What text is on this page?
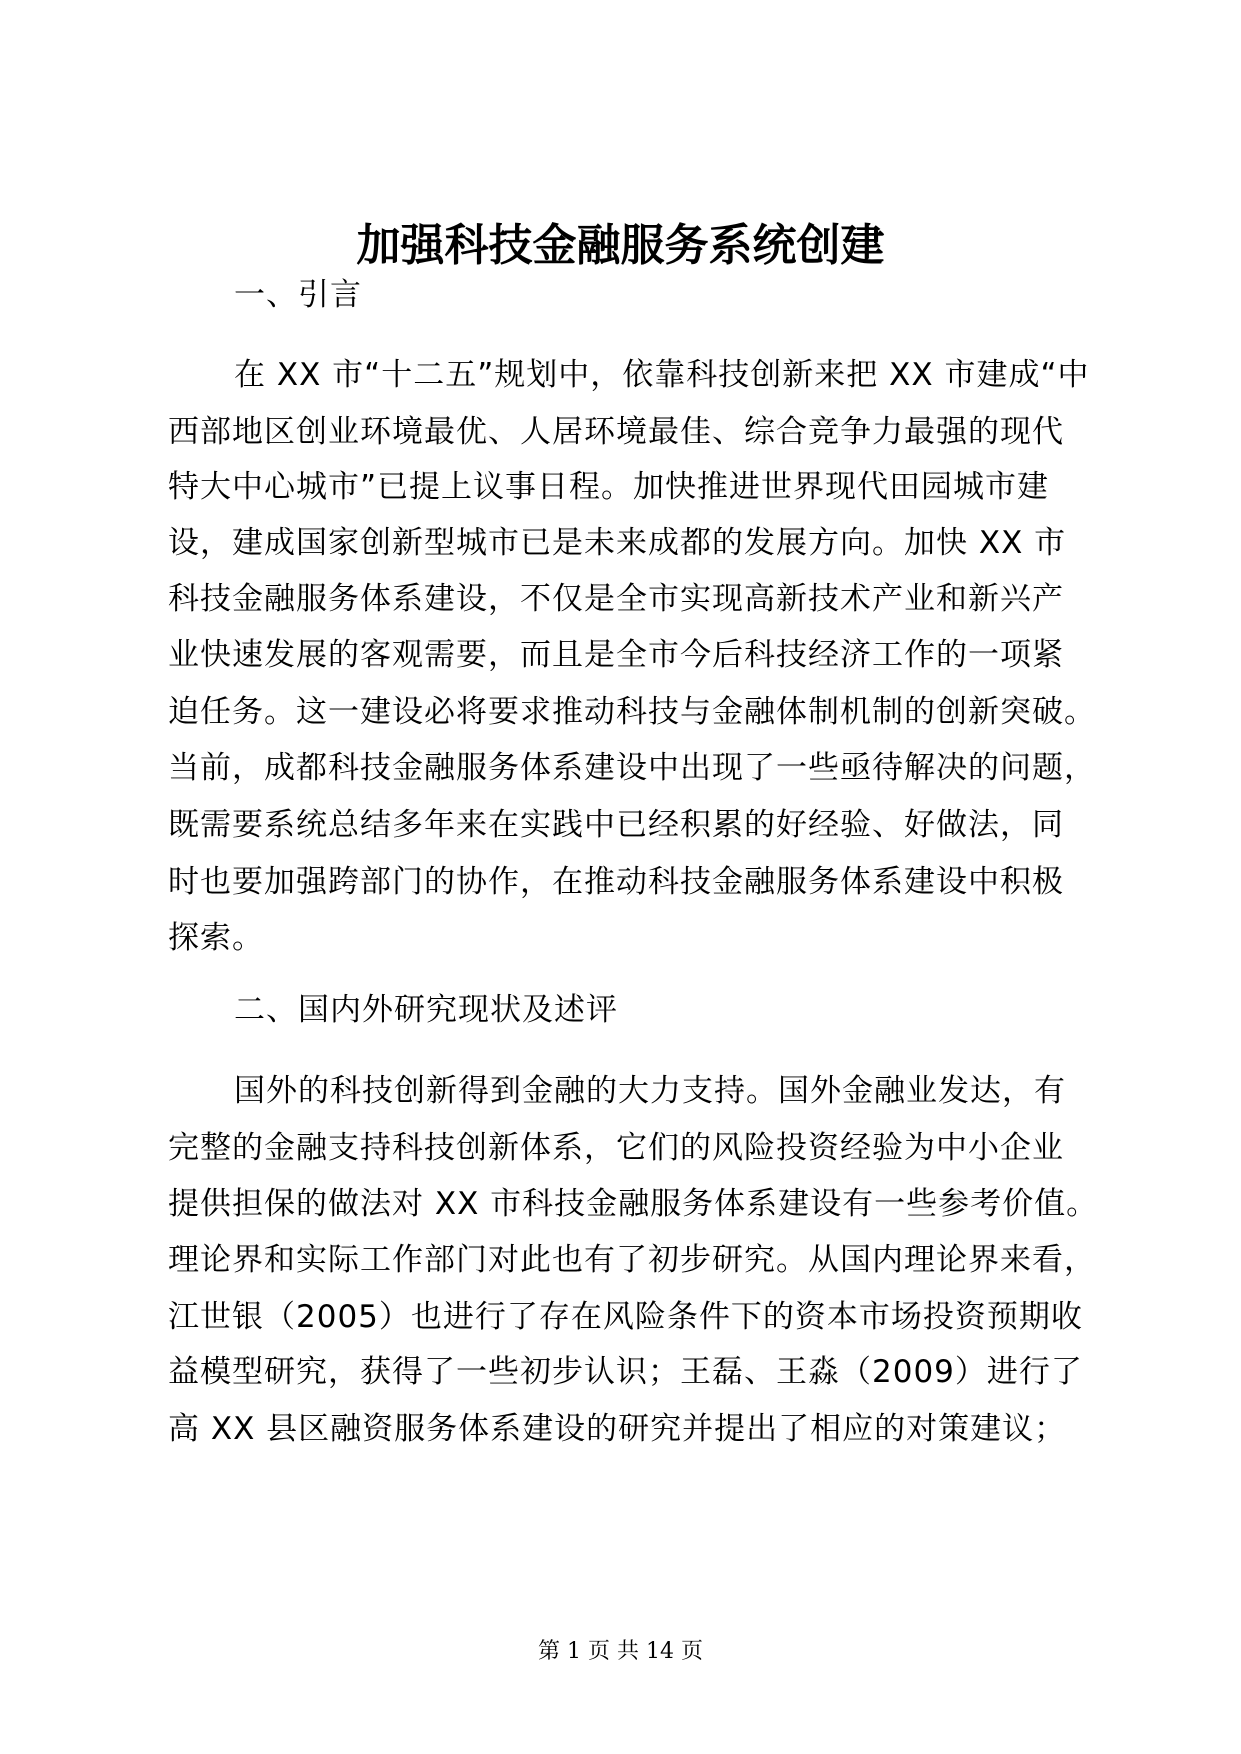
加强科技金融服务系统创建
一、引言
在 XX 市“十二五”规划中，依靠科技创新来把 XX 市建成“中
西部地区创业环境最优、人居环境最佳、综合竞争力最强的现代
特大中心城市”已提上议事日程。加快推进世界现代田园城市建
设，建成国家创新型城市已是未来成都的发展方向。加快 XX 市
科技金融服务体系建设，不仅是全市实现高新技术产业和新兴产
业快速发展的客观需要，而且是全市今后科技经济工作的一项紧
迫任务。这一建设必将要求推动科技与金融体制机制的创新突破。
当前，成都科技金融服务体系建设中出现了一些亟待解决的问题，
既需要系统总结多年来在实践中已经积累的好经验、好做法，同
时也要加强跨部门的协作，在推动科技金融服务体系建设中积极
探索。
二、国内外研究现状及述评
国外的科技创新得到金融的大力支持。国外金融业发达，有
完整的金融支持科技创新体系，它们的风险投资经验为中小企业
提供担保的做法对 XX 市科技金融服务体系建设有一些参考价值。
理论界和实际工作部门对此也有了初步研究。从国内理论界来看，
江世银（2005）也进行了存在风险条件下的资本市场投资预期收
益模型研究，获得了一些初步认识；王磊、王淼（2009）进行了
高 XX 县区融资服务体系建设的研究并提出了相应的对策建议；
第 1 页 共 14 页
